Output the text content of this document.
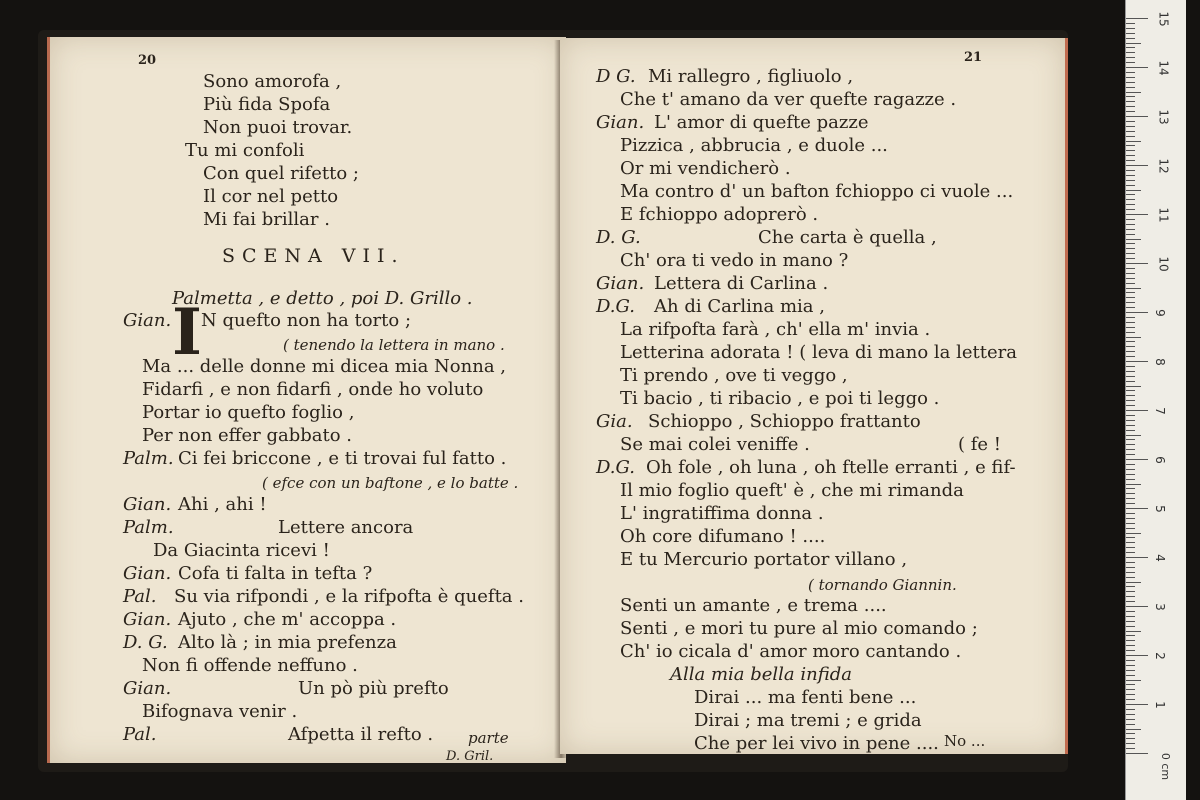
20
Sono amorofa ,
Più fida Spofa
Non puoi trovar.
Tu mi confoli
Con quel rifetto ;
Il cor nel petto
Mi fai brillar .
SCENA VII.
Palmetta , e detto , poi D. Grillo .
I
Gian. N quefto non ha torto ;
( tenendo la lettera in mano .
Ma ... delle donne mi dicea mia Nonna ,
Fidarfi , e non fidarfi , onde ho voluto
Portar io quefto foglio ,
Per non effer gabbato .
Palm. Ci fei briccone , e ti trovai ful fatto .
( efce con un baftone , e lo batte .
Gian. Ahi , ahi !
Palm.	Lettere ancora
Da Giacinta ricevi !
Gian. Cofa ti falta in tefta ?
Pal. Su via rifpondi , e la rifpofta è quefta .
Gian. Ajuto , che m' accoppa .
D. G. Alto là ; in mia prefenza
Non fi offende neffuno .
Gian.	Un pò più prefto
Bifognava venir .
Pal.	Afpetta il refto . parte
D. Gril.
21
D G. Mi rallegro , figliuolo ,
Che t' amano da ver quefte ragazze .
Gian. L' amor di quefte pazze
Pizzica , abbrucia , e duole ...
Or mi vendicherò .
Ma contro d' un bafton fchioppo ci vuole ...
E fchioppo adoprerò .
D. G.	Che carta è quella ,
Ch' ora ti vedo in mano ?
Gian. Lettera di Carlina .
D.G. Ah di Carlina mia ,
La rifpofta farà , ch' ella m' invia .
Letterina adorata ! ( leva di mano la lettera
Ti prendo , ove ti veggo ,
Ti bacio , ti ribacio , e poi ti leggo .
Gia. Schioppo , Schioppo frattanto
Se mai colei veniffe .	( fe !
D.G. Oh fole , oh luna , oh ftelle erranti , e fif-
Il mio foglio queft' è , che mi rimanda
L' ingratiffima donna .
Oh core difumano ! ....
E tu Mercurio portator villano ,
( tornando Giannin.
Senti un amante , e trema ....
Senti , e mori tu pure al mio comando ;
Ch' io cicala d' amor moro cantando .
Alla mia bella infida
Dirai ... ma fenti bene ...
Dirai ; ma tremi ; e grida
Che per lei vivo in pene .... No ...
0 cm
15
14
13
12
11
10
9
8
7
6
5
4
3
2
1
